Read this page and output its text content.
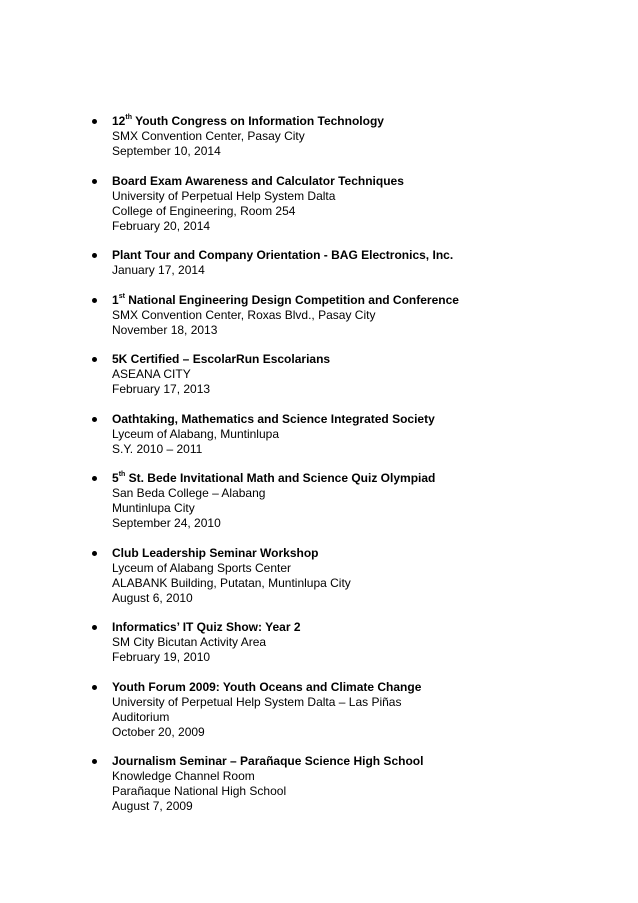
12th Youth Congress on Information Technology
SMX Convention Center, Pasay City
September 10, 2014
Board Exam Awareness and Calculator Techniques
University of Perpetual Help System Dalta
College of Engineering, Room 254
February 20, 2014
Plant Tour and Company Orientation - BAG Electronics, Inc.
January 17, 2014
1st National Engineering Design Competition and Conference
SMX Convention Center, Roxas Blvd., Pasay City
November 18, 2013
5K Certified – EscolarRun Escolarians
ASEANA CITY
February 17, 2013
Oathtaking, Mathematics and Science Integrated Society
Lyceum of Alabang, Muntinlupa
S.Y. 2010 – 2011
5th St. Bede Invitational Math and Science Quiz Olympiad
San Beda College – Alabang
Muntinlupa City
September 24, 2010
Club Leadership Seminar Workshop
Lyceum of Alabang Sports Center
ALABANK Building, Putatan, Muntinlupa City
August 6, 2010
Informatics’ IT Quiz Show: Year 2
SM City Bicutan Activity Area
February 19, 2010
Youth Forum 2009: Youth Oceans and Climate Change
University of Perpetual Help System Dalta – Las Piñas
Auditorium
October 20, 2009
Journalism Seminar – Parañaque Science High School
Knowledge Channel Room
Parañaque National High School
August 7, 2009
